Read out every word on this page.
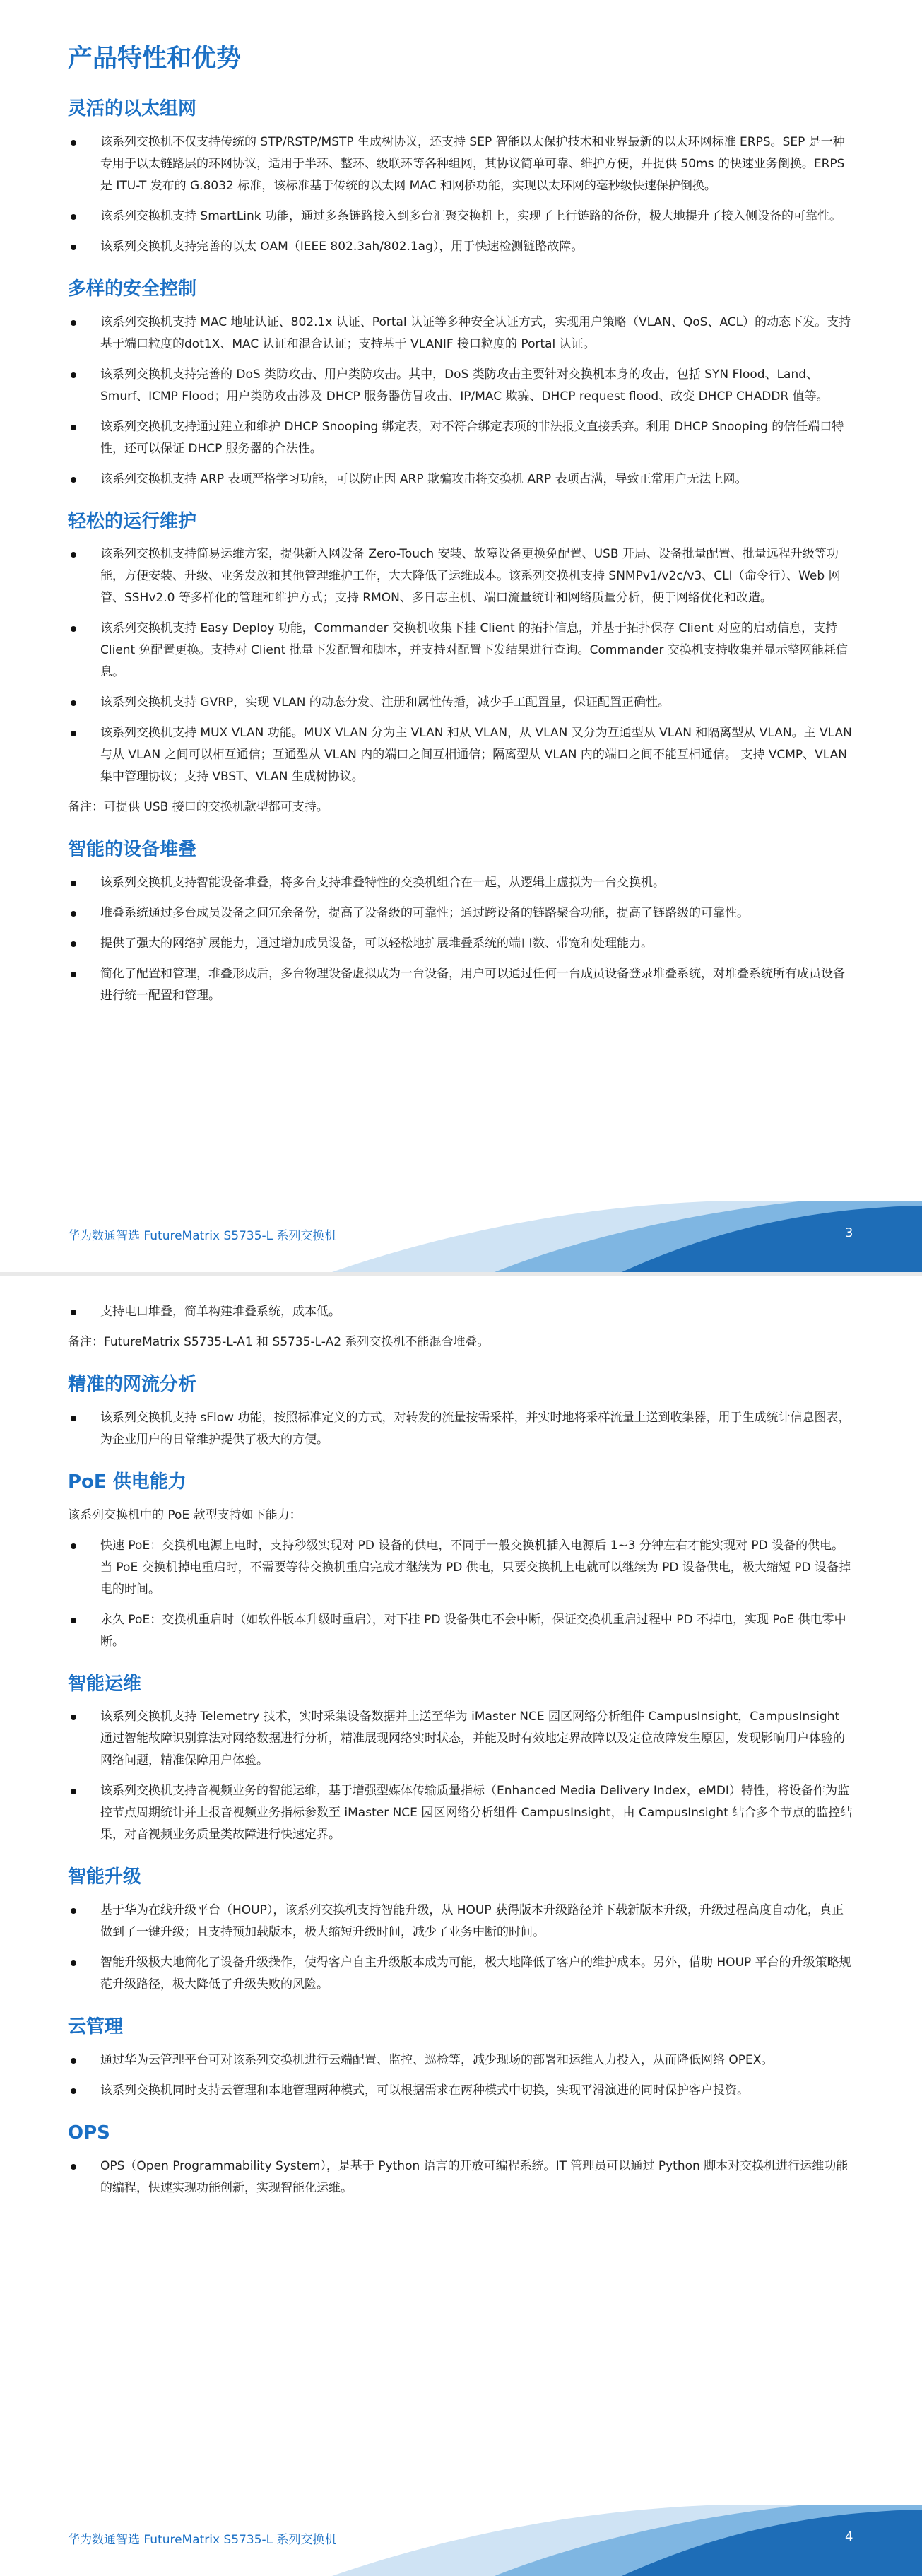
产品特性和优势
灵活的以太组网
该系列交换机不仅支持传统的 STP/RSTP/MSTP 生成树协议，还支持 SEP 智能以太保护技术和业界最新的以太环网标准 ERPS。SEP 是一种专用于以太链路层的环网协议，适用于半环、整环、级联环等各种组网，其协议简单可靠、维护方便，并提供 50ms 的快速业务倒换。ERPS 是 ITU-T 发布的 G.8032 标准，该标准基于传统的以太网 MAC 和网桥功能，实现以太环网的毫秒级快速保护倒换。
该系列交换机支持 SmartLink 功能，通过多条链路接入到多台汇聚交换机上，实现了上行链路的备份，极大地提升了接入侧设备的可靠性。
该系列交换机支持完善的以太 OAM（IEEE 802.3ah/802.1ag），用于快速检测链路故障。
多样的安全控制
该系列交换机支持 MAC 地址认证、802.1x 认证、Portal 认证等多种安全认证方式，实现用户策略（VLAN、QoS、ACL）的动态下发。支持基于端口粒度的dot1X、MAC 认证和混合认证；支持基于 VLANIF 接口粒度的 Portal 认证。
该系列交换机支持完善的 DoS 类防攻击、用户类防攻击。其中，DoS 类防攻击主要针对交换机本身的攻击，包括 SYN Flood、Land、Smurf、ICMP Flood；用户类防攻击涉及 DHCP 服务器仿冒攻击、IP/MAC 欺骗、DHCP request flood、改变 DHCP CHADDR 值等。
该系列交换机支持通过建立和维护 DHCP Snooping 绑定表，对不符合绑定表项的非法报文直接丢弃。利用 DHCP Snooping 的信任端口特性，还可以保证 DHCP 服务器的合法性。
该系列交换机支持 ARP 表项严格学习功能，可以防止因 ARP 欺骗攻击将交换机 ARP 表项占满，导致正常用户无法上网。
轻松的运行维护
该系列交换机支持简易运维方案，提供新入网设备 Zero-Touch 安装、故障设备更换免配置、USB 开局、设备批量配置、批量远程升级等功能，方便安装、升级、业务发放和其他管理维护工作，大大降低了运维成本。该系列交换机支持 SNMPv1/v2c/v3、CLI（命令行）、Web 网管、SSHv2.0 等多样化的管理和维护方式；支持 RMON、多日志主机、端口流量统计和网络质量分析，便于网络优化和改造。
该系列交换机支持 Easy Deploy 功能，Commander 交换机收集下挂 Client 的拓扑信息，并基于拓扑保存 Client 对应的启动信息，支持 Client 免配置更换。支持对 Client 批量下发配置和脚本，并支持对配置下发结果进行查询。Commander 交换机支持收集并显示整网能耗信息。
该系列交换机支持 GVRP，实现 VLAN 的动态分发、注册和属性传播，减少手工配置量，保证配置正确性。
该系列交换机支持 MUX VLAN 功能。MUX VLAN 分为主 VLAN 和从 VLAN，从 VLAN 又分为互通型从 VLAN 和隔离型从 VLAN。主 VLAN 与从 VLAN 之间可以相互通信；互通型从 VLAN 内的端口之间互相通信；隔离型从 VLAN 内的端口之间不能互相通信。 支持 VCMP、VLAN 集中管理协议；支持 VBST、VLAN 生成树协议。

备注：可提供 USB 接口的交换机款型都可支持。

智能的设备堆叠
该系列交换机支持智能设备堆叠，将多台支持堆叠特性的交换机组合在一起，从逻辑上虚拟为一台交换机。
堆叠系统通过多台成员设备之间冗余备份，提高了设备级的可靠性；通过跨设备的链路聚合功能，提高了链路级的可靠性。
提供了强大的网络扩展能力，通过增加成员设备，可以轻松地扩展堆叠系统的端口数、带宽和处理能力。
简化了配置和管理，堆叠形成后，多台物理设备虚拟成为一台设备，用户可以通过任何一台成员设备登录堆叠系统，对堆叠系统所有成员设备进行统一配置和管理。
华为数通智选 FutureMatrix S5735-L 系列交换机	3
支持电口堆叠，简单构建堆叠系统，成本低。

备注：FutureMatrix S5735-L-A1 和 S5735-L-A2 系列交换机不能混合堆叠。

精准的网流分析
该系列交换机支持 sFlow 功能，按照标准定义的方式，对转发的流量按需采样，并实时地将采样流量上送到收集器，用于生成统计信息图表，为企业用户的日常维护提供了极大的方便。
PoE 供电能力

该系列交换机中的 PoE 款型支持如下能力：

快速 PoE：交换机电源上电时，支持秒级实现对 PD 设备的供电，不同于一般交换机插入电源后 1~3 分钟左右才能实现对 PD 设备的供电。当 PoE 交换机掉电重启时，不需要等待交换机重启完成才继续为 PD 供电，只要交换机上电就可以继续为 PD 设备供电，极大缩短 PD 设备掉电的时间。
永久 PoE：交换机重启时（如软件版本升级时重启），对下挂 PD 设备供电不会中断，保证交换机重启过程中 PD 不掉电，实现 PoE 供电零中断。
智能运维
该系列交换机支持 Telemetry 技术，实时采集设备数据并上送至华为 iMaster NCE 园区网络分析组件 CampusInsight，CampusInsight 通过智能故障识别算法对网络数据进行分析，精准展现网络实时状态，并能及时有效地定界故障以及定位故障发生原因，发现影响用户体验的网络问题，精准保障用户体验。
该系列交换机支持音视频业务的智能运维，基于增强型媒体传输质量指标（Enhanced Media Delivery Index，eMDI）特性，将设备作为监控节点周期统计并上报音视频业务指标参数至 iMaster NCE 园区网络分析组件 CampusInsight，由 CampusInsight 结合多个节点的监控结果，对音视频业务质量类故障进行快速定界。
智能升级
基于华为在线升级平台（HOUP），该系列交换机支持智能升级，从 HOUP 获得版本升级路径并下载新版本升级，升级过程高度自动化，真正做到了一键升级；且支持预加载版本，极大缩短升级时间，减少了业务中断的时间。
智能升级极大地简化了设备升级操作，使得客户自主升级版本成为可能，极大地降低了客户的维护成本。另外，借助 HOUP 平台的升级策略规范升级路径，极大降低了升级失败的风险。
云管理
通过华为云管理平台可对该系列交换机进行云端配置、监控、巡检等，减少现场的部署和运维人力投入，从而降低网络 OPEX。
该系列交换机同时支持云管理和本地管理两种模式，可以根据需求在两种模式中切换，实现平滑演进的同时保护客户投资。
OPS
OPS（Open Programmability System），是基于 Python 语言的开放可编程系统。IT 管理员可以通过 Python 脚本对交换机进行运维功能的编程，快速实现功能创新，实现智能化运维。
华为数通智选 FutureMatrix S5735-L 系列交换机	4
